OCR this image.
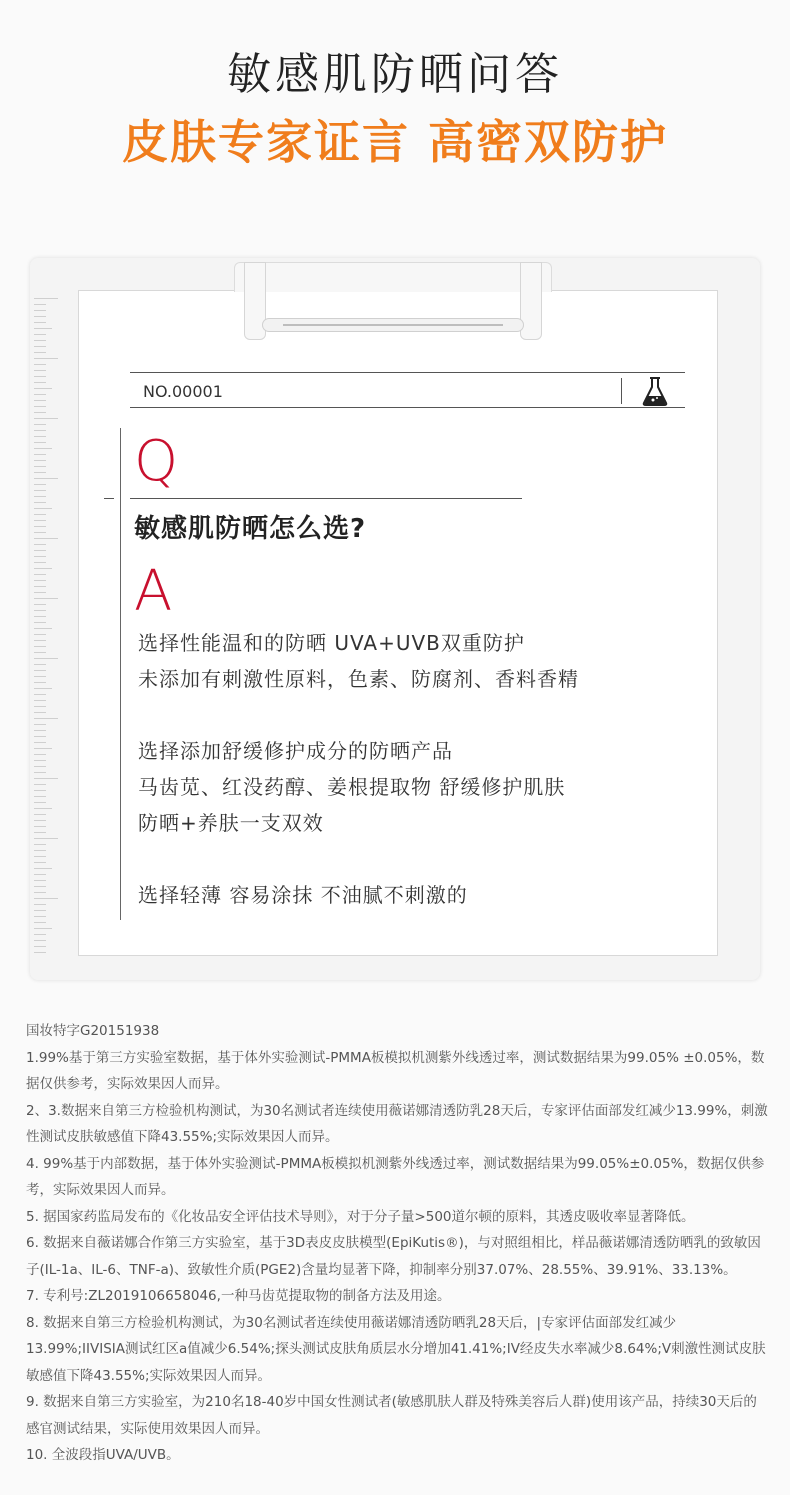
敏感肌防晒问答
皮肤专家证言 高密双防护
NO.00001
Q
敏感肌防晒怎么选?
A
选择性能温和的防晒 UVA+UVB双重防护
未添加有刺激性原料，色素、防腐剂、香料香精
选择添加舒缓修护成分的防晒产品
马齿苋、红没药醇、姜根提取物 舒缓修护肌肤
防晒+养肤一支双效
选择轻薄 容易涂抹 不油腻不刺激的

国妆特字G20151938

1.99%基于第三方实验室数据，基于体外实验测试-PMMA板模拟机测紫外线透过率，测试数据结果为99.05% ±0.05%，数据仅供参考，实际效果因人而异。

2、3.数据来自第三方检验机构测试，为30名测试者连续使用薇诺娜清透防乳28天后，专家评估面部发红减少13.99%，刺激性测试皮肤敏感值下降43.55%;实际效果因人而异。

4. 99%基于内部数据，基于体外实验测试-PMMA板模拟机测紫外线透过率，测试数据结果为99.05%±0.05%，数据仅供参考，实际效果因人而异。

5. 据国家药监局发布的《化妆品安全评估技术导则》，对于分子量>500道尔顿的原料，其透皮吸收率显著降低。

6. 数据来自薇诺娜合作第三方实验室，基于3D表皮皮肤模型(EpiKutis®)，与对照组相比，样品薇诺娜清透防晒乳的致敏因子(IL-1a、IL-6、TNF-a)、致敏性介质(PGE2)含量均显著下降，抑制率分别37.07%、28.55%、39.91%、33.13%。

7. 专利号:ZL2019106658046,一种马齿苋提取物的制备方法及用途。

8. 数据来自第三方检验机构测试，为30名测试者连续使用薇诺娜清透防晒乳28天后，|专家评估面部发红减少13.99%;IIVISIA测试红区a值减少6.54%;探头测试皮肤角质层水分增加41.41%;IV经皮失水率减少8.64%;V刺激性测试皮肤敏感值下降43.55%;实际效果因人而异。

9. 数据来自第三方实验室，为210名18-40岁中国女性测试者(敏感肌肤人群及特殊美容后人群)使用该产品，持续30天后的感官测试结果，实际使用效果因人而异。

10. 全波段指UVA/UVB。
